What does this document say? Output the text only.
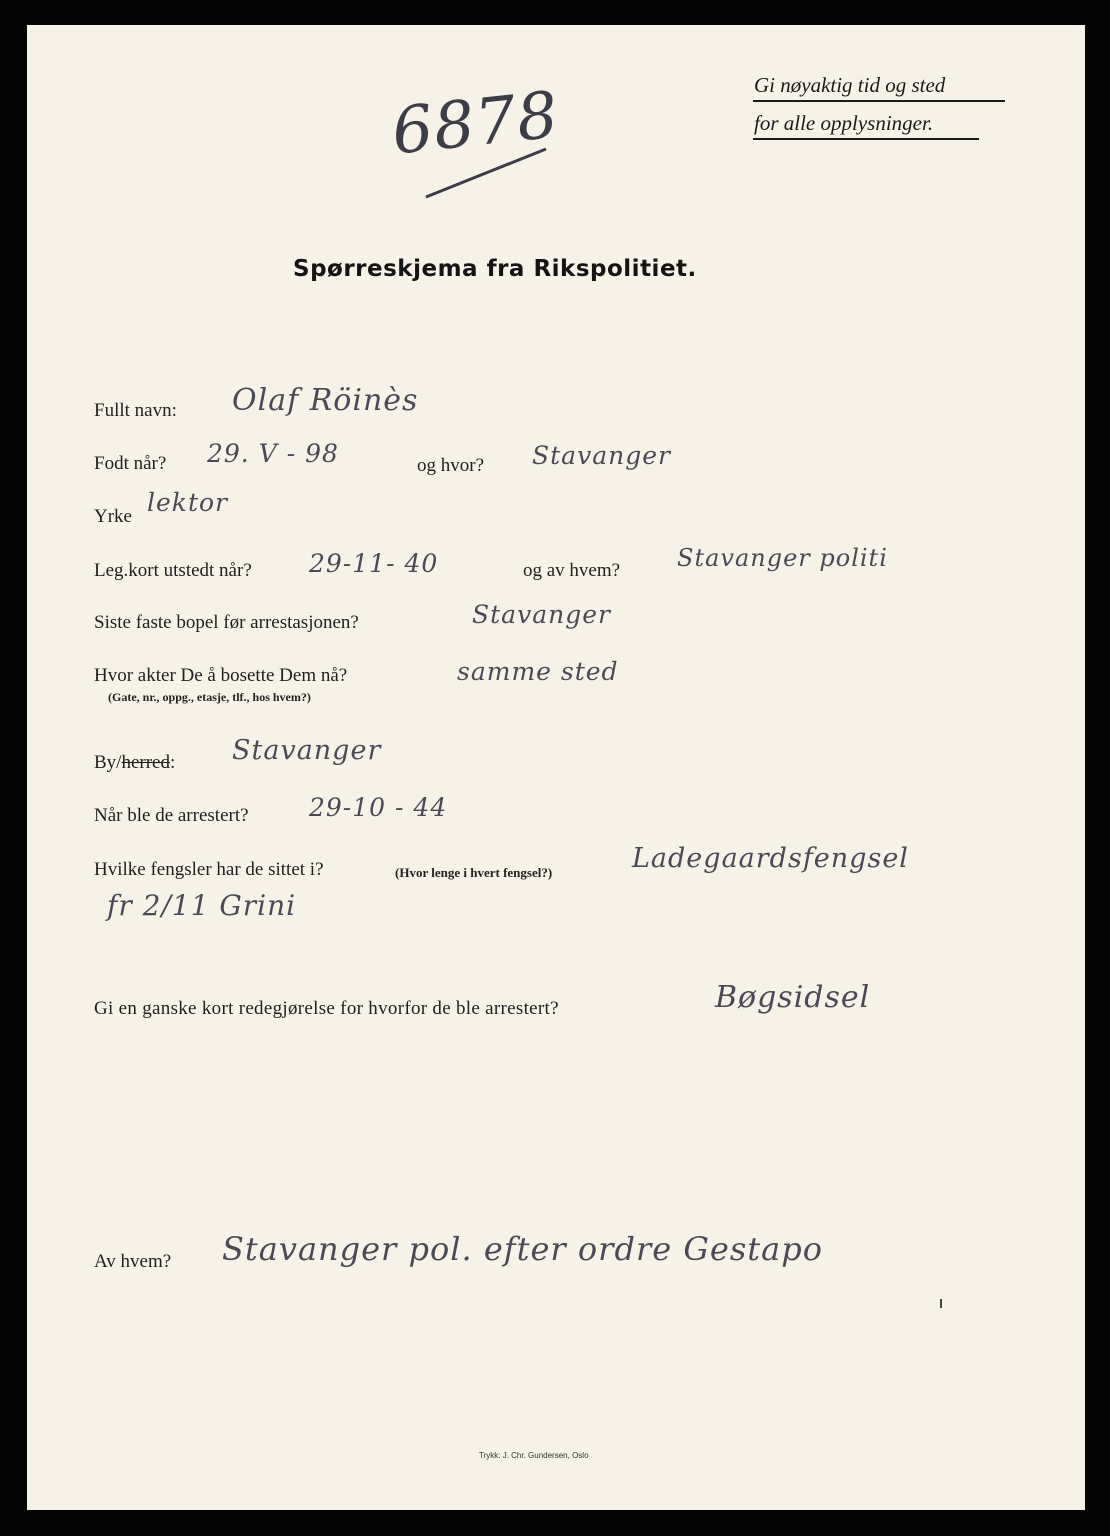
Gi nøyaktig tid og sted
for alle opplysninger.
6878
Spørreskjema fra Rikspolitiet.
Fullt navn: Olaf Röinès
Fodt når? 29. V - 98	og hvor? Stavanger
Yrke lektor
Leg.kort utstedt når? 29-11- 40	og av hvem? Stavanger politi
Siste faste bopel før arrestasjonen?	Stavanger
Hvor akter De å bosette Dem nå?
(Gate, nr., oppg., etasje, tlf., hos hvem?)
samme sted
By/herred: Stavanger
Når ble de arrestert? 29-10 - 44
Hvilke fengsler har de sittet i?	(Hvor lenge i hvert fengsel?)	Ladegaardsfengsel
fr 2/11 Grini
Gi en ganske kort redegjørelse for hvorfor de ble arrestert?	Bøgsidsel
Av hvem? Stavanger pol. efter ordre Gestapo
Trykk: J. Chr. Gundersen, Oslo
